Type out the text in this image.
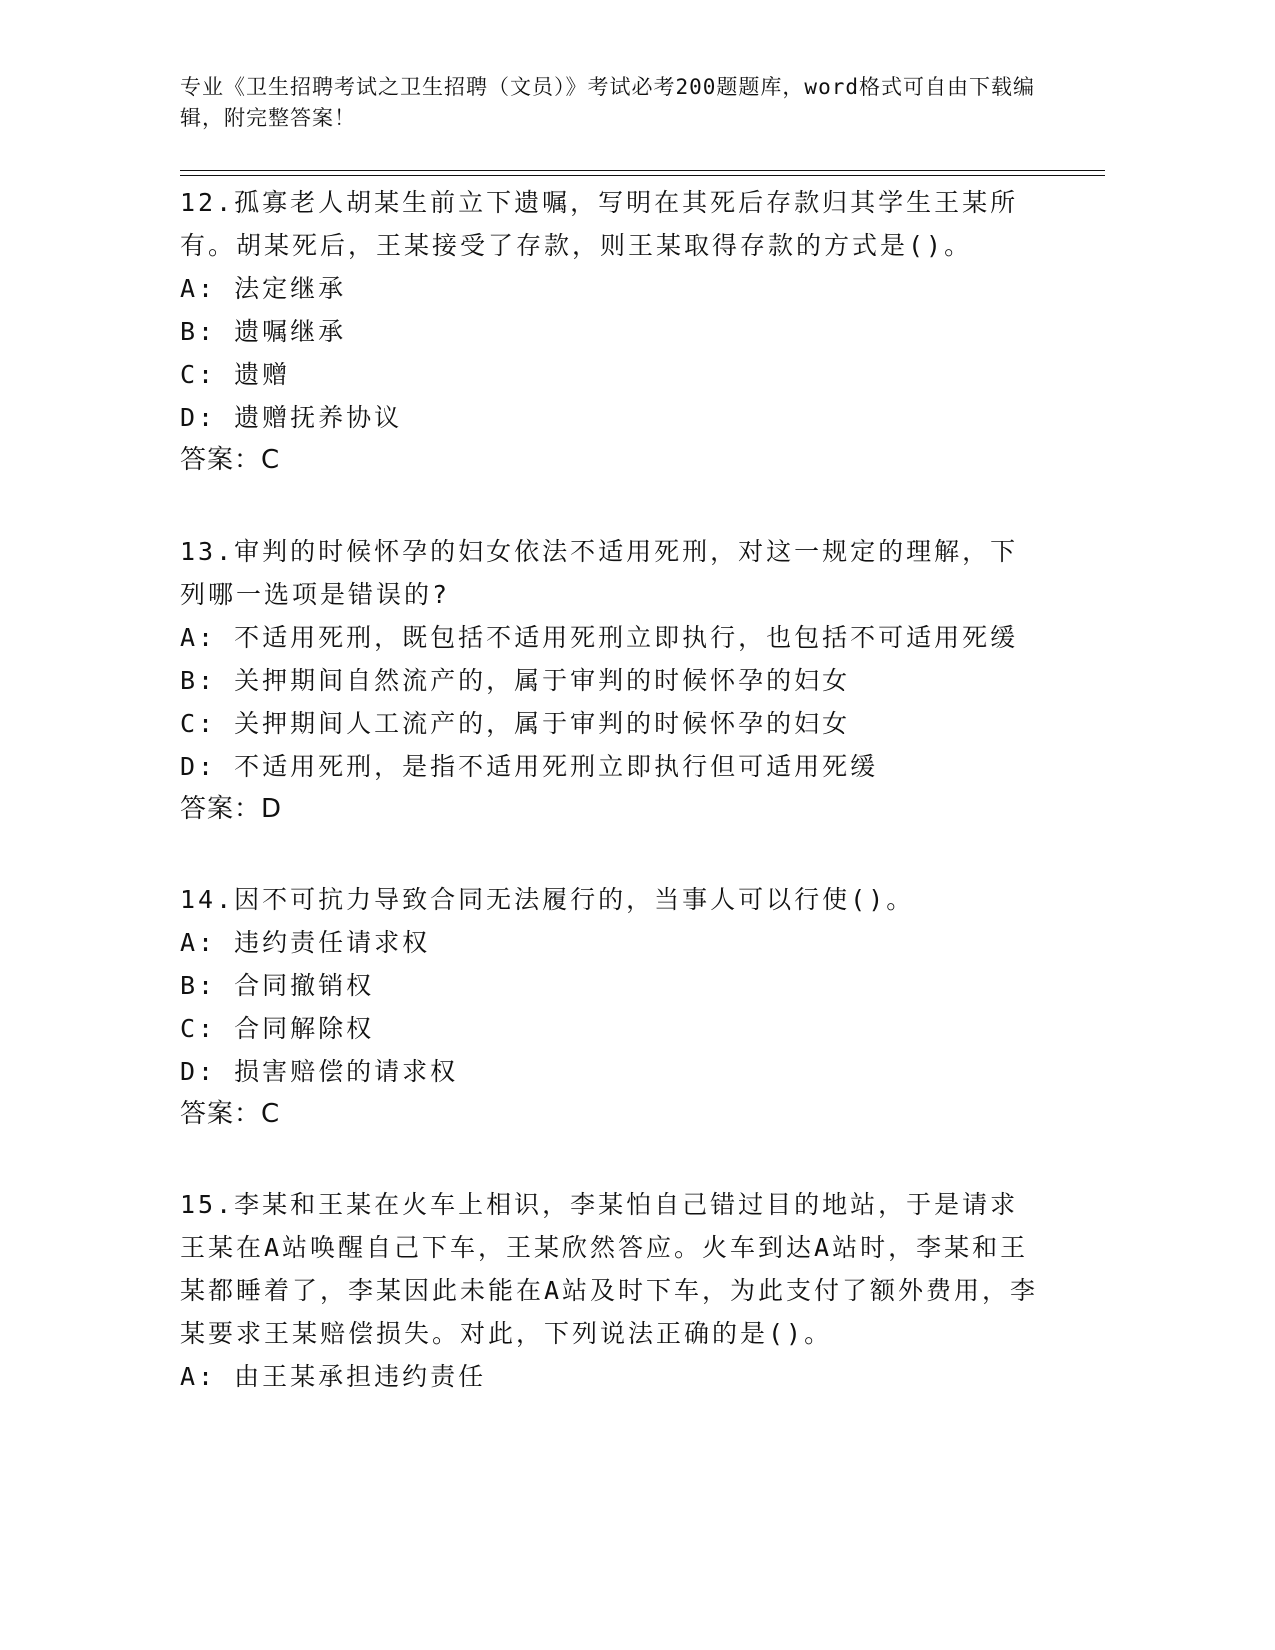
专业《卫生招聘考试之卫生招聘（文员）》考试必考200题题库，word格式可自由下载编辑，附完整答案！

12.孤寡老人胡某生前立下遗嘱，写明在其死后存款归其学生王某所有。胡某死后，王某接受了存款，则王某取得存款的方式是()。

A: 法定继承

B: 遗嘱继承

C: 遗赠

D: 遗赠抚养协议

答案：C

13.审判的时候怀孕的妇女依法不适用死刑，对这一规定的理解，下列哪一选项是错误的?

A: 不适用死刑，既包括不适用死刑立即执行，也包括不可适用死缓

B: 关押期间自然流产的，属于审判的时候怀孕的妇女

C: 关押期间人工流产的，属于审判的时候怀孕的妇女

D: 不适用死刑，是指不适用死刑立即执行但可适用死缓

答案：D

14.因不可抗力导致合同无法履行的，当事人可以行使()。

A: 违约责任请求权

B: 合同撤销权

C: 合同解除权

D: 损害赔偿的请求权

答案：C

15.李某和王某在火车上相识，李某怕自己错过目的地站，于是请求王某在A站唤醒自己下车，王某欣然答应。火车到达A站时，李某和王某都睡着了，李某因此未能在A站及时下车，为此支付了额外费用，李某要求王某赔偿损失。对此，下列说法正确的是()。

A: 由王某承担违约责任
